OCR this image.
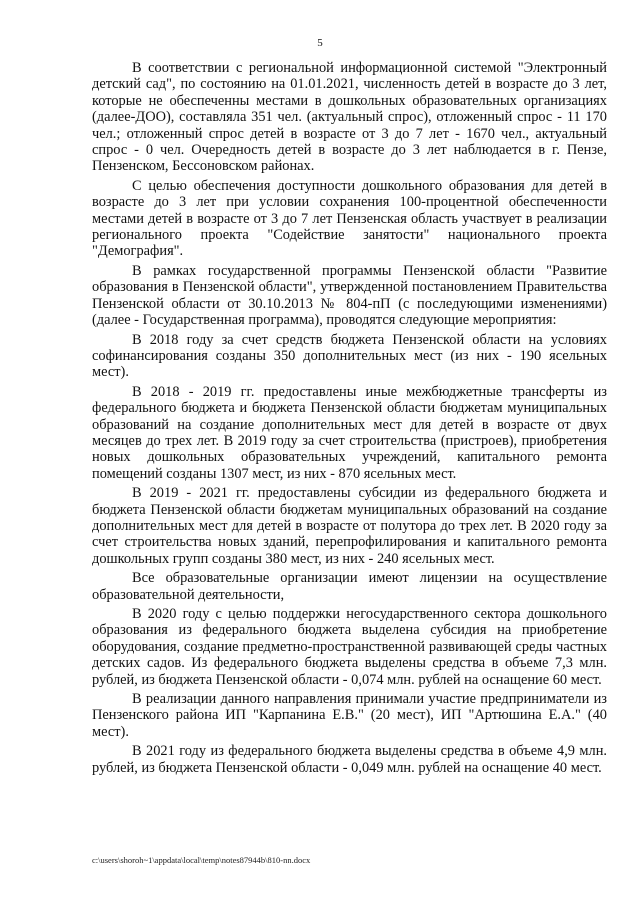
5

В соответствии с региональной информационной системой "Электронный детский сад", по состоянию на 01.01.2021, численность детей в возрасте до 3 лет, которые не обеспеченны местами в дошкольных образовательных организациях (далее-ДОО), составляла 351 чел. (актуальный спрос), отложенный спрос - 11 170 чел.; отложенный спрос детей в возрасте от 3 до 7 лет - 1670 чел., актуальный спрос - 0 чел. Очередность детей в возрасте до 3 лет наблюдается в г. Пензе, Пензенском, Бессоновском районах.

С целью обеспечения доступности дошкольного образования для детей в возрасте до 3 лет при условии сохранения 100-процентной обеспеченности местами детей в возрасте от 3 до 7 лет Пензенская область участвует в реализации регионального проекта "Содействие занятости" национального проекта "Демография".

В рамках государственной программы Пензенской области "Развитие образования в Пензенской области", утвержденной постановлением Правительства Пензенской области от 30.10.2013 № 804-пП (с последующими изменениями) (далее - Государственная программа), проводятся следующие мероприятия:

В 2018 году за счет средств бюджета Пензенской области на условиях софинансирования созданы 350 дополнительных мест (из них - 190 ясельных мест).

В 2018 - 2019 гг. предоставлены иные межбюджетные трансферты из федерального бюджета и бюджета Пензенской области бюджетам муниципальных образований на создание дополнительных мест для детей в возрасте от двух месяцев до трех лет. В 2019 году за счет строительства (пристроев), приобретения новых дошкольных образовательных учреждений, капитального ремонта помещений созданы 1307 мест, из них - 870 ясельных мест.

В 2019 - 2021 гг. предоставлены субсидии из федерального бюджета и бюджета Пензенской области бюджетам муниципальных образований на создание дополнительных мест для детей в возрасте от полутора до трех лет. В 2020 году за счет строительства новых зданий, перепрофилирования и капитального ремонта дошкольных групп созданы 380 мест, из них - 240 ясельных мест.

Все образовательные организации имеют лицензии на осуществление образовательной деятельности,

В 2020 году с целью поддержки негосударственного сектора дошкольного образования из федерального бюджета выделена субсидия на приобретение оборудования, создание предметно-пространственной развивающей среды частных детских садов. Из федерального бюджета выделены средства в объеме 7,3 млн. рублей, из бюджета Пензенской области - 0,074 млн. рублей на оснащение 60 мест.

В реализации данного направления принимали участие предприниматели из Пензенского района ИП "Карпанина Е.В." (20 мест), ИП "Артюшина Е.А." (40 мест).

В 2021 году из федерального бюджета выделены средства в объеме 4,9 млн. рублей, из бюджета Пензенской области - 0,049 млн. рублей на оснащение 40 мест.

c:\users\shoroh~1\appdata\local\temp\notes87944b\810-nn.docx
